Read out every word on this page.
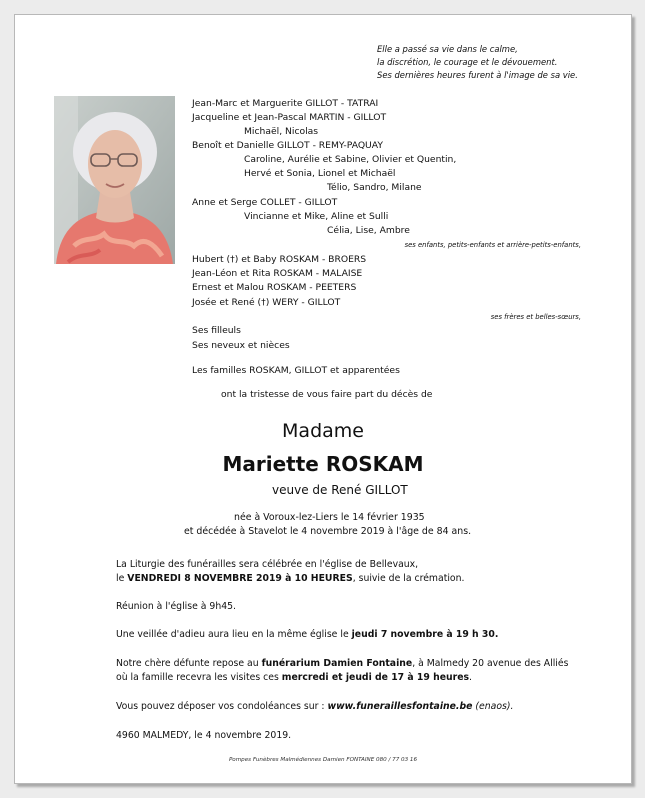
Elle a passé sa vie dans le calme,
la discrétion, le courage et le dévouement.
Ses dernières heures furent à l'image de sa vie.
Jean-Marc et Marguerite GILLOT - TATRAI
Jacqueline et Jean-Pascal MARTIN - GILLOT
Michaël, Nicolas
Benoît et Danielle GILLOT - REMY-PAQUAY
Caroline, Aurélie et Sabine, Olivier et Quentin,
Hervé et Sonia, Lionel et Michaël
Télio, Sandro, Milane
Anne et Serge COLLET - GILLOT
Vincianne et Mike, Aline et Sulli
Célia, Lise, Ambre
ses enfants, petits-enfants et arrière-petits-enfants,
Hubert (†) et Baby ROSKAM - BROERS
Jean-Léon et Rita ROSKAM - MALAISE
Ernest et Malou ROSKAM - PEETERS
Josée et René (†) WERY - GILLOT
ses frères et belles-sœurs,
Ses filleuls
Ses neveux et nièces
Les familles ROSKAM, GILLOT et apparentées
ont la tristesse de vous faire part du décès de
Madame
Mariette ROSKAM
veuve de René GILLOT
née à Voroux-lez-Liers le 14 février 1935
et décédée à Stavelot le 4 novembre 2019 à l'âge de 84 ans.
La Liturgie des funérailles sera célébrée en l'église de Bellevaux,
le VENDREDI 8 NOVEMBRE 2019 à 10 HEURES, suivie de la crémation.
Réunion à l'église à 9h45.
Une veillée d'adieu aura lieu en la même église le jeudi 7 novembre à 19 h 30.
Notre chère défunte repose au funérarium Damien Fontaine, à Malmedy 20 avenue des Alliés
où la famille recevra les visites ces mercredi et jeudi de 17 à 19 heures.
Vous pouvez déposer vos condoléances sur : www.funeraillesfontaine.be (enaos).
4960 MALMEDY, le 4 novembre 2019.
Pompes Funèbres Malmédiennes Damien FONTAINE 080 / 77 03 16
